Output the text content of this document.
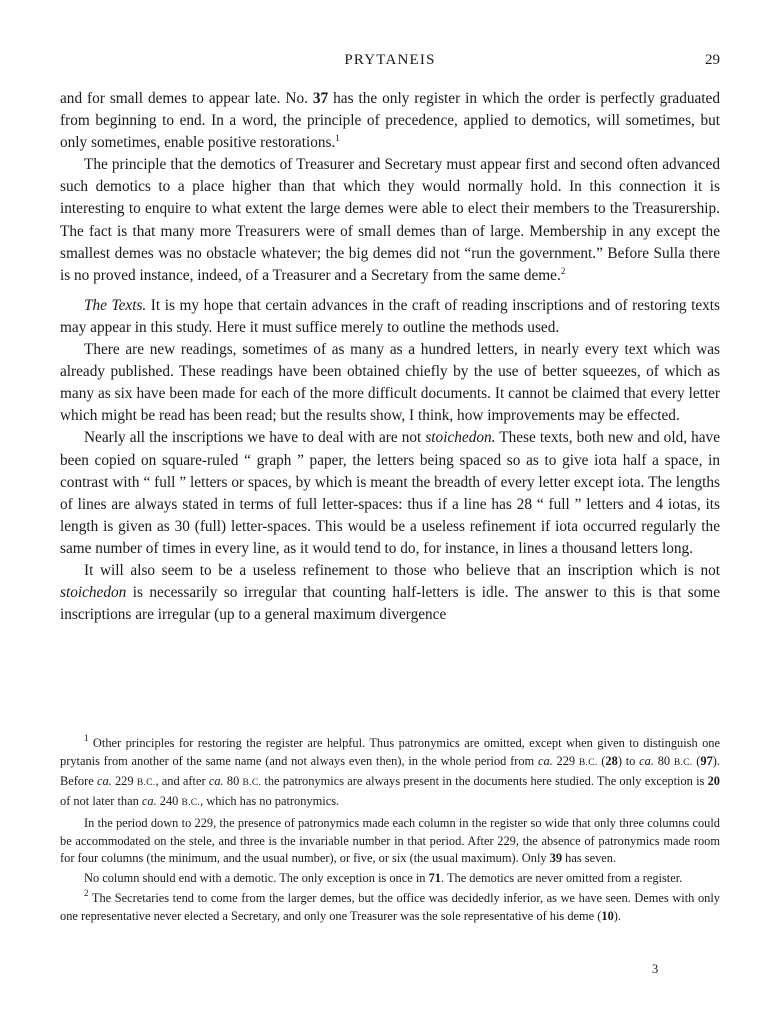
PRYTANEIS	29

and for small demes to appear late. No. 37 has the only register in which the order is perfectly graduated from beginning to end. In a word, the principle of precedence, applied to demotics, will sometimes, but only sometimes, enable positive restorations.$^1$

The principle that the demotics of Treasurer and Secretary must appear first and second often advanced such demotics to a place higher than that which they would normally hold. In this connection it is interesting to enquire to what extent the large demes were able to elect their members to the Treasurership. The fact is that many more Treasurers were of small demes than of large. Membership in any except the smallest demes was no obstacle whatever; the big demes did not “run the government.” Before Sulla there is no proved instance, indeed, of a Treasurer and a Secretary from the same deme.$^2$

The Texts. It is my hope that certain advances in the craft of reading inscriptions and of restoring texts may appear in this study. Here it must suffice merely to outline the methods used.

There are new readings, sometimes of as many as a hundred letters, in nearly every text which was already published. These readings have been obtained chiefly by the use of better squeezes, of which as many as six have been made for each of the more difficult documents. It cannot be claimed that every letter which might be read has been read; but the results show, I think, how improvements may be effected.

Nearly all the inscriptions we have to deal with are not stoichedon. These texts, both new and old, have been copied on square-ruled “ graph ” paper, the letters being spaced so as to give iota half a space, in contrast with “ full ” letters or spaces, by which is meant the breadth of every letter except iota. The lengths of lines are always stated in terms of full letter-spaces: thus if a line has 28 “ full ” letters and 4 iotas, its length is given as 30 (full) letter-spaces. This would be a useless refinement if iota occurred regularly the same number of times in every line, as it would tend to do, for instance, in lines a thousand letters long.

It will also seem to be a useless refinement to those who believe that an inscription which is not stoichedon is necessarily so irregular that counting half-letters is idle. The answer to this is that some inscriptions are irregular (up to a general maximum divergence

$^1$ Other principles for restoring the register are helpful. Thus patronymics are omitted, except when given to distinguish one prytanis from another of the same name (and not always even then), in the whole period from ca. 229 B.C. (28) to ca. 80 B.C. (97). Before ca. 229 B.C., and after ca. 80 B.C. the patronymics are always present in the documents here studied. The only exception is 20 of not later than ca. 240 B.C., which has no patronymics.

In the period down to 229, the presence of patronymics made each column in the register so wide that only three columns could be accommodated on the stele, and three is the invariable number in that period. After 229, the absence of patronymics made room for four columns (the minimum, and the usual number), or five, or six (the usual maximum). Only 39 has seven.

No column should end with a demotic. The only exception is once in 71. The demotics are never omitted from a register.

$^2$ The Secretaries tend to come from the larger demes, but the office was decidedly inferior, as we have seen. Demes with only one representative never elected a Secretary, and only one Treasurer was the sole representative of his deme (10).

3
